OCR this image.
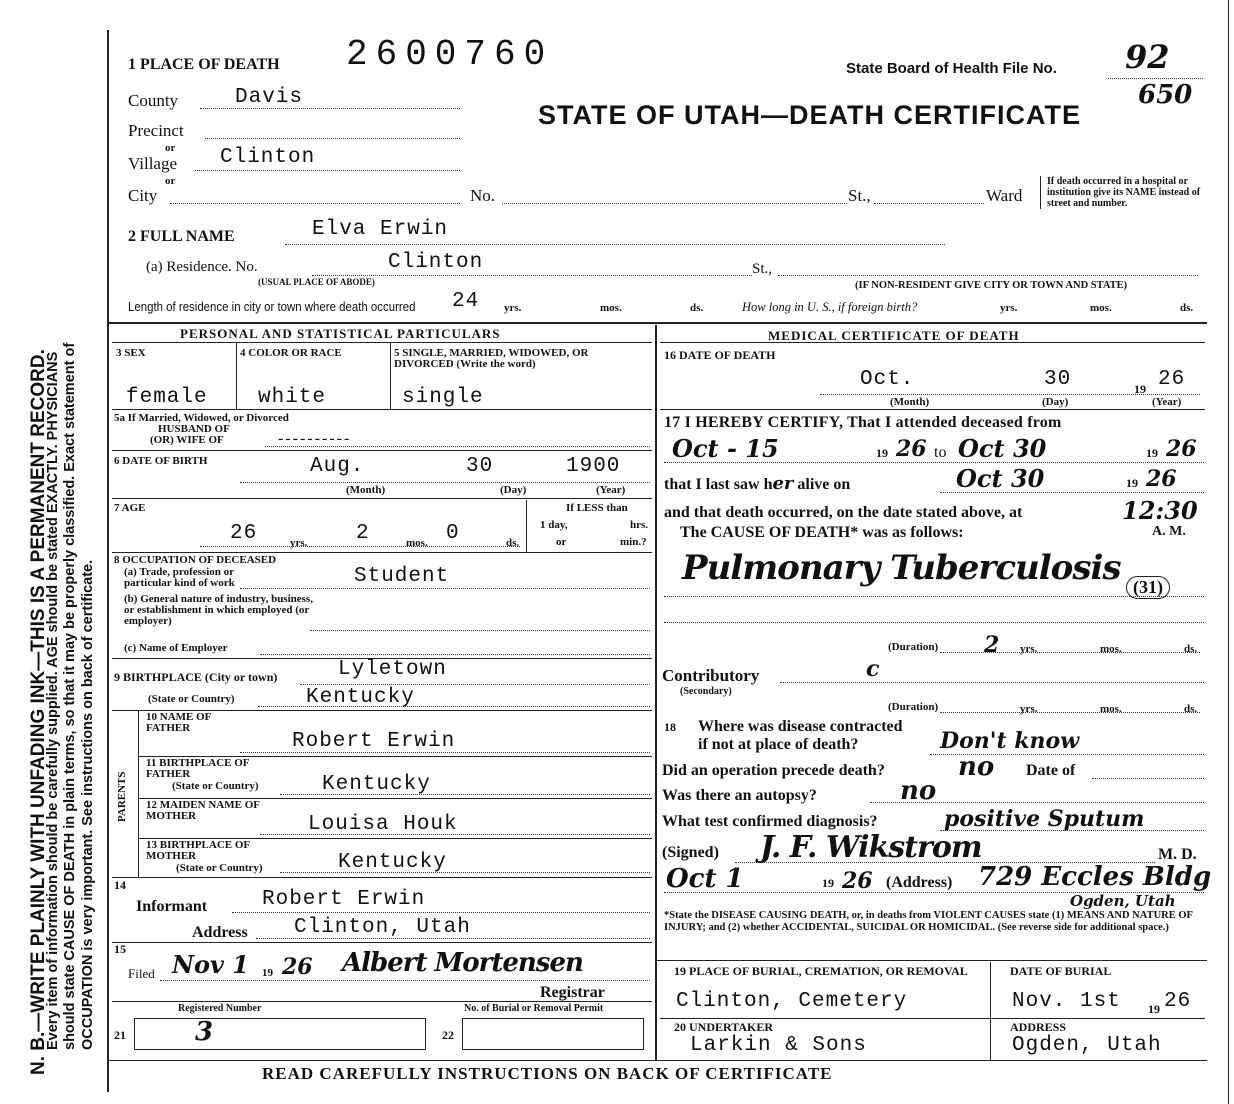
N. B.—WRITE PLAINLY WITH UNFADING INK—THIS IS A PERMANENT RECORD.
Every item of information should be carefully supplied. AGE should be stated EXACTLY. PHYSICIANS should state CAUSE OF DEATH in plain terms, so that it may be properly classified. Exact statement of OCCUPATION is very important. See instructions on back of certificate.
1 PLACE OF DEATH 2600760	State Board of Health File No. 92
650
STATE OF UTAH—DEATH CERTIFICATE
County	Davis
Precinct
or
Village Clinton
or
City	No.	St.,	Ward
If death occurred in a hospital or institution give its NAME instead of street and number.
2 FULL NAME	Elva Erwin
(a) Residence. No.
(USUAL PLACE OF ABODE)
Clinton	St.,
(IF NON-RESIDENT GIVE CITY OR TOWN AND STATE)
Length of residence in city or town where death occurred 24 yrs.	mos.	ds.	How long in U. S., if foreign birth?	yrs.	mos.	ds.
PERSONAL AND STATISTICAL PARTICULARS
3 SEX
female
4 COLOR OR RACE
white
5 SINGLE, MARRIED, WIDOWED, OR DIVORCED (Write the word)
single
5a If Married, Widowed, or Divorced
HUSBAND OF
(OR) WIFE OF	----------
6 DATE OF BIRTH	Aug.	30	1900
(Month)	(Day)	(Year)
7 AGE
26	yrs. 2	mos. 0	ds.
If LESS than
1 day,	hrs.
or	min.?
8 OCCUPATION OF DECEASED
(a) Trade, profession or particular kind of work	Student
(b) General nature of industry, business, or establishment in which employed (or employer)
(c) Name of Employer
9 BIRTHPLACE (City or town)	Lyletown
(State or Country)	Kentucky
PARENTS
10 NAME OF FATHER
Robert Erwin
11 BIRTHPLACE OF FATHER
(State or Country)	Kentucky
12 MAIDEN NAME OF MOTHER	Louisa Houk
13 BIRTHPLACE OF MOTHER
(State or Country)	Kentucky
14
Informant	Robert Erwin
Address Clinton, Utah
15
Filed Nov 1 19 26 Albert Mortensen
Registrar
Registered Number
21	3
No. of Burial or Removal Permit
22
MEDICAL CERTIFICATE OF DEATH
16 DATE OF DEATH
Oct.	30	19 26
(Month)	(Day)	(Year)
17 I HEREBY CERTIFY, That I attended deceased from
Oct - 15	19 26 to Oct 30	19 26
that I last saw her alive on	Oct 30	19 26
and that death occurred, on the date stated above, at	12:30
The CAUSE OF DEATH* was as follows:	A. M.
Pulmonary Tuberculosis (31)
(Duration) 2 yrs.	mos.	ds.
Contributory
(Secondary)
c
(Duration)	yrs.	mos.	ds.
18 Where was disease contracted
if not at place of death?	Don't know
Did an operation precede death?	no Date of
Was there an autopsy?	no
What test confirmed diagnosis?	positive Sputum
(Signed) J. F. Wikstrom	M. D.
Oct 1	19 26 (Address) 729 Eccles Bldg
Ogden, Utah
*State the DISEASE CAUSING DEATH, or, in deaths from VIOLENT CAUSES state (1) MEANS AND NATURE OF INJURY; and (2) whether ACCIDENTAL, SUICIDAL OR HOMICIDAL. (See reverse side for additional space.)
19 PLACE OF BURIAL, CREMATION, OR REMOVAL
Clinton, Cemetery
DATE OF BURIAL
Nov. 1st 19 26
20 UNDERTAKER
Larkin & Sons
ADDRESS
Ogden, Utah
READ CAREFULLY INSTRUCTIONS ON BACK OF CERTIFICATE
